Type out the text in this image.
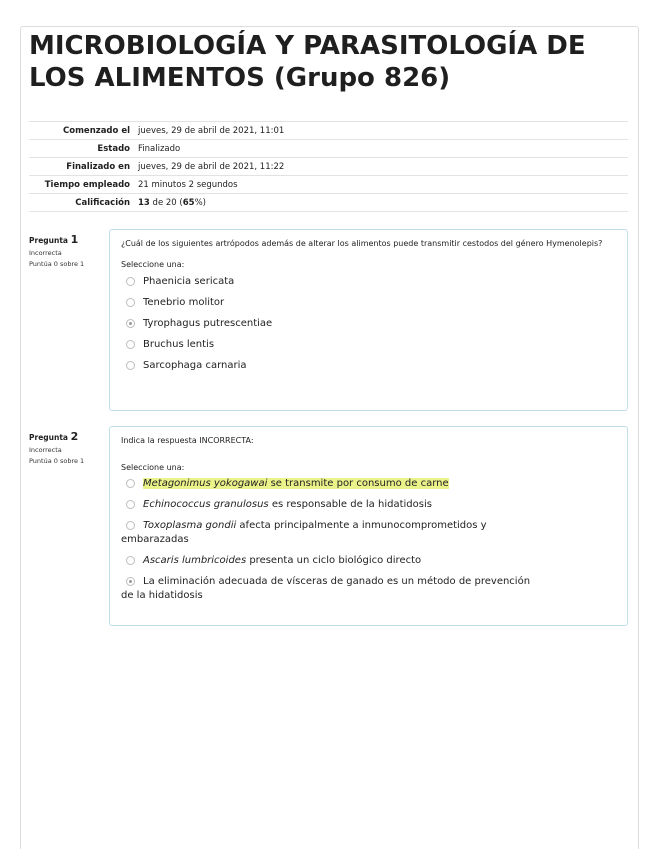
MICROBIOLOGÍA Y PARASITOLOGÍA DE LOS ALIMENTOS (Grupo 826)
Comenzado el	jueves, 29 de abril de 2021, 11:01
Estado	Finalizado
Finalizado en	jueves, 29 de abril de 2021, 11:22
Tiempo empleado	21 minutos 2 segundos
Calificación	13 de 20 (65%)
Pregunta 1
Incorrecta
Puntúa 0 sobre 1
¿Cuál de los siguientes artrópodos además de alterar los alimentos puede transmitir cestodos del género Hymenolepis?
Seleccione una:
Phaenicia sericata
Tenebrio molitor
Tyrophagus putrescentiae
Bruchus lentis
Sarcophaga carnaria
Pregunta 2
Incorrecta
Puntúa 0 sobre 1
Indica la respuesta INCORRECTA:
Seleccione una:
Metagonimus yokogawai se transmite por consumo de carne
Echinococcus granulosus es responsable de la hidatidosis
Toxoplasma gondii afecta principalmente a inmunocomprometidos y
embarazadas
Ascaris lumbricoides presenta un ciclo biológico directo
La eliminación adecuada de vísceras de ganado es un método de prevención
de la hidatidosis
